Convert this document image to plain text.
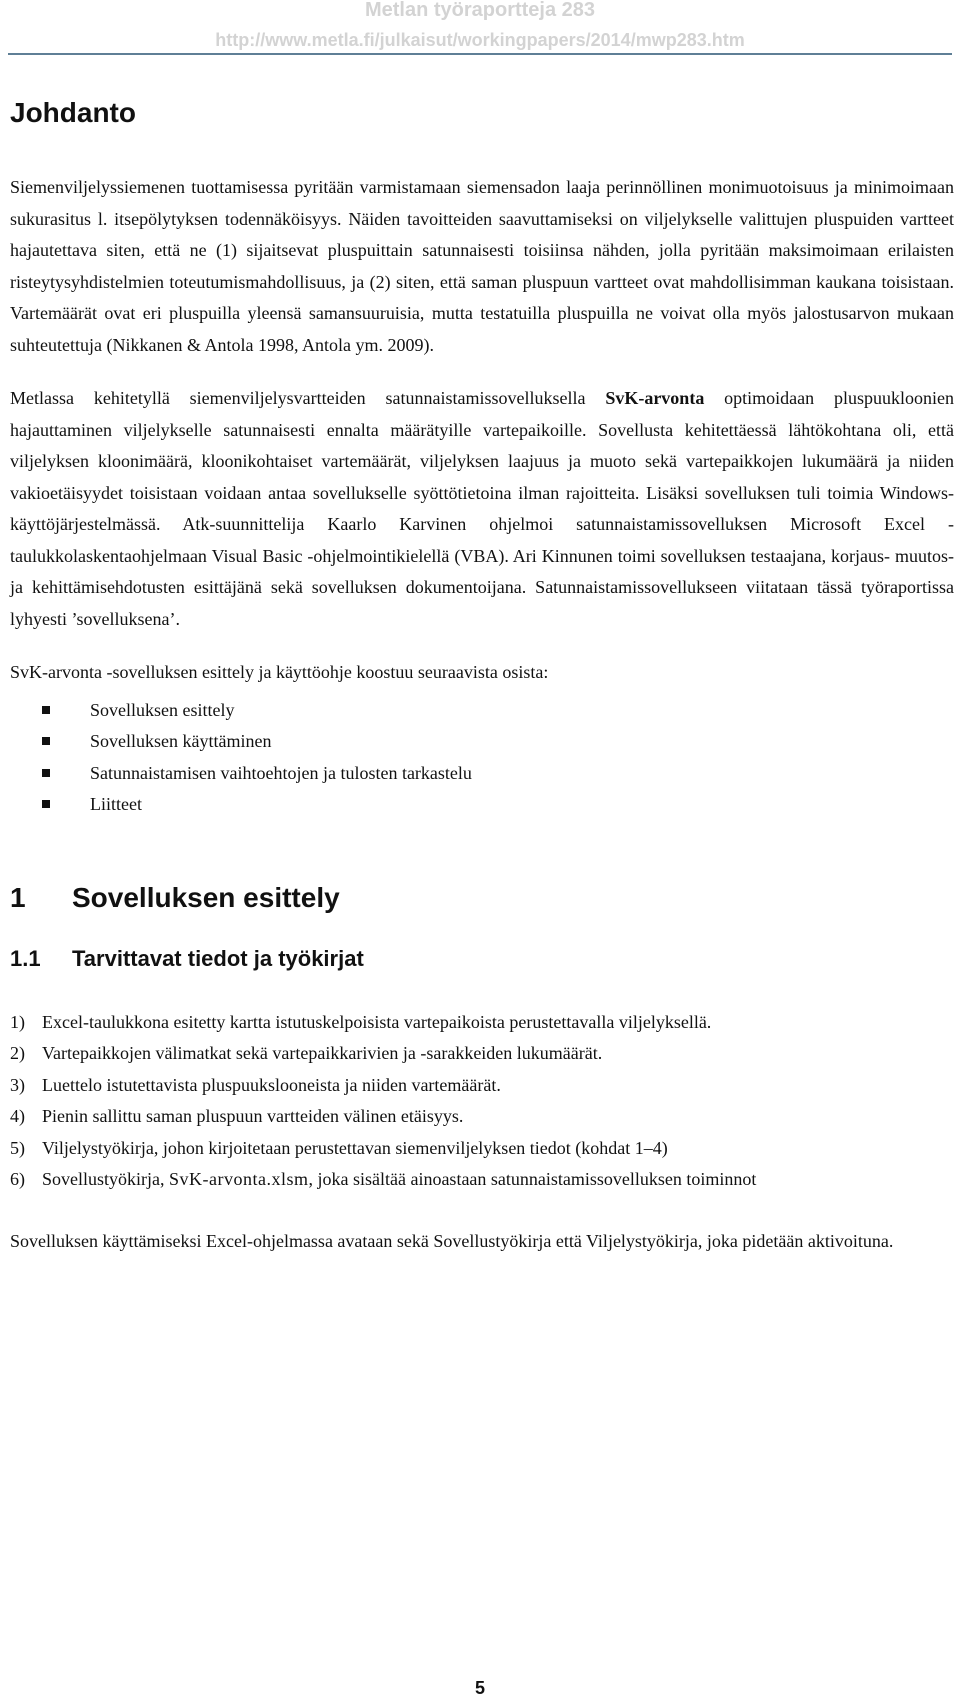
Metlan työraportteja 283
http://www.metla.fi/julkaisut/workingpapers/2014/mwp283.htm
Johdanto

Siemenviljelyssiemenen tuottamisessa pyritään varmistamaan siemensadon laaja perinnöllinen monimuotoisuus ja minimoimaan sukurasitus l. itsepölytyksen todennäköisyys. Näiden tavoitteiden saavuttamiseksi on viljelykselle valittujen pluspuiden vartteet hajautettava siten, että ne (1) sijaitsevat pluspuittain satunnaisesti toisiinsa nähden, jolla pyritään maksimoimaan erilaisten risteytysyhdistelmien toteutumismahdollisuus, ja (2) siten, että saman pluspuun vartteet ovat mahdollisimman kaukana toisistaan. Vartemäärät ovat eri pluspuilla yleensä samansuuruisia, mutta testatuilla pluspuilla ne voivat olla myös jalostusarvon mukaan suhteutettuja (Nikkanen & Antola 1998, Antola ym. 2009).

Metlassa kehitetyllä siemenviljelysvartteiden satunnaistamissovelluksella SvK-arvonta optimoidaan pluspuukloonien hajauttaminen viljelykselle satunnaisesti ennalta määrätyille vartepaikoille. Sovellusta kehitettäessä lähtökohtana oli, että viljelyksen kloonimäärä, kloonikohtaiset vartemäärät, viljelyksen laajuus ja muoto sekä vartepaikkojen lukumäärä ja niiden vakioetäisyydet toisistaan voidaan antaa sovellukselle syöttötietoina ilman rajoitteita. Lisäksi sovelluksen tuli toimia Windows-käyttöjärjestelmässä. Atk-suunnittelija Kaarlo Karvinen ohjelmoi satunnaistamissovelluksen Microsoft Excel -taulukkolaskentaohjelmaan Visual Basic -ohjelmointikielellä (VBA). Ari Kinnunen toimi sovelluksen testaajana, korjaus- muutos- ja kehittämisehdotusten esittäjänä sekä sovelluksen dokumentoijana. Satunnaistamissovellukseen viitataan tässä työraportissa lyhyesti ’sovelluksena’.

SvK-arvonta -sovelluksen esittely ja käyttöohje koostuu seuraavista osista:

Sovelluksen esittely
Sovelluksen käyttäminen
Satunnaistamisen vaihtoehtojen ja tulosten tarkastelu
Liitteet
1 Sovelluksen esittely
1.1 Tarvittavat tiedot ja työkirjat
1) Excel-taulukkona esitetty kartta istutuskelpoisista vartepaikoista perustettavalla viljelyksellä.
2) Vartepaikkojen välimatkat sekä vartepaikkarivien ja -sarakkeiden lukumäärät.
3) Luettelo istutettavista pluspuukslooneista ja niiden vartemäärät.
4) Pienin sallittu saman pluspuun vartteiden välinen etäisyys.
5) Viljelystyökirja, johon kirjoitetaan perustettavan siemenviljelyksen tiedot (kohdat 1–4)
6) Sovellustyökirja, SvK-arvonta.xlsm, joka sisältää ainoastaan satunnaistamissovelluksen toiminnot

Sovelluksen käyttämiseksi Excel-ohjelmassa avataan sekä Sovellustyökirja että Viljelystyökirja, joka pidetään aktivoituna.

5
